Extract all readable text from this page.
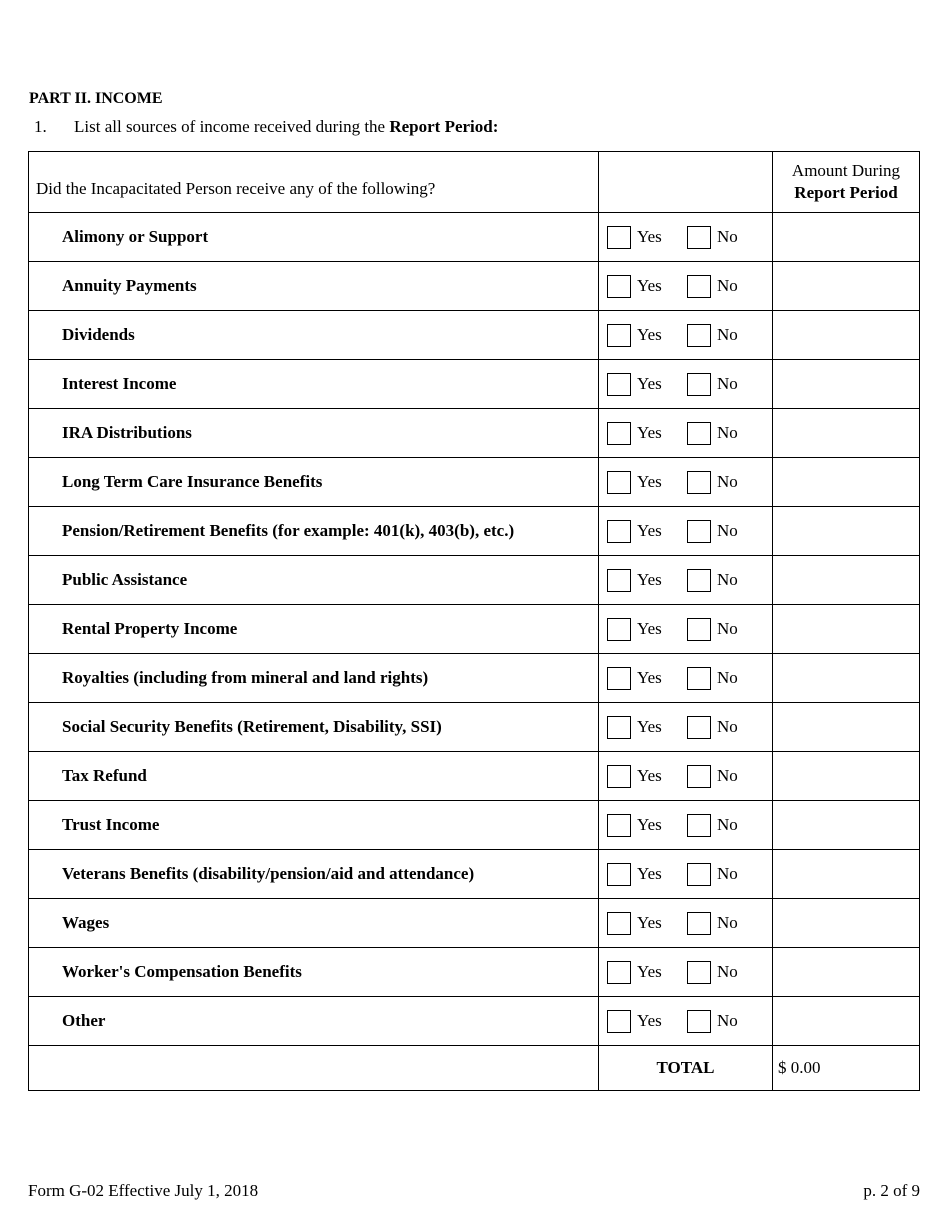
PART II. INCOME
1. List all sources of income received during the Report Period:
Did the Incapacitated Person receive any of the following?		Amount During
Report Period

Alimony or Support	Yes No	
Annuity Payments	Yes No	
Dividends	Yes No	
Interest Income	Yes No	
IRA Distributions	Yes No	
Long Term Care Insurance Benefits	Yes No	
Pension/Retirement Benefits (for example: 401(k), 403(b), etc.)	Yes No	
Public Assistance	Yes No	
Rental Property Income	Yes No	
Royalties (including from mineral and land rights)	Yes No	
Social Security Benefits (Retirement, Disability, SSI)	Yes No	
Tax Refund	Yes No	
Trust Income	Yes No	
Veterans Benefits (disability/pension/aid and attendance)	Yes No	
Wages	Yes No	
Worker's Compensation Benefits	Yes No	
Other	Yes No	
	TOTAL	$ 0.00
Form G-02 Effective July 1, 2018	p. 2 of 9
